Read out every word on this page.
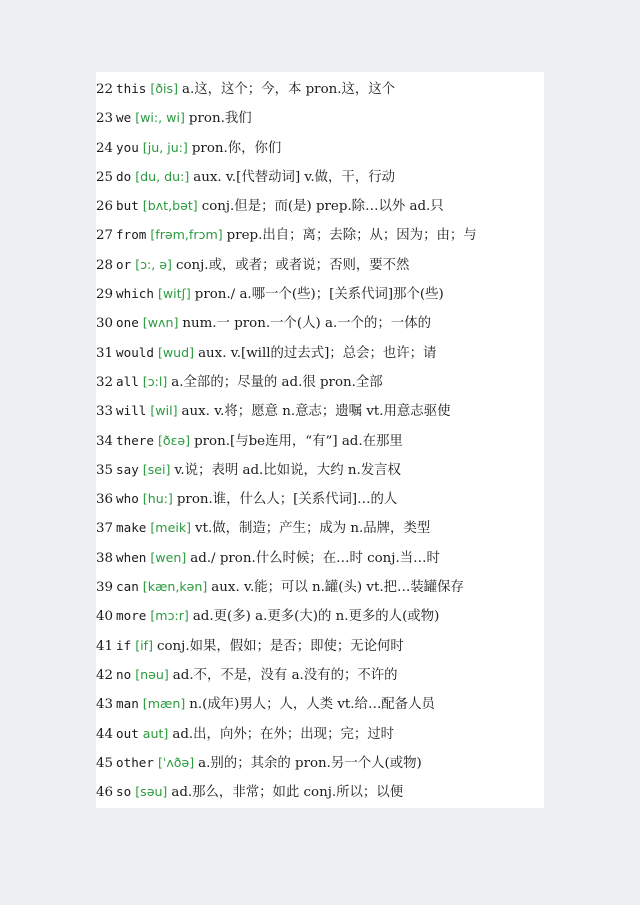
22 this [ðis] a.这，这个；今，本 pron.这，这个
23 we [wi:, wi] pron.我们
24 you [ju, ju:] pron.你，你们
25 do [du, du:] aux. v.[代替动词] v.做，干，行动
26 but [bʌt,bət] conj.但是；而(是) prep.除…以外 ad.只
27 from [frəm,frɔm] prep.出自；离；去除；从；因为；由；与
28 or [ɔ:, ə] conj.或，或者；或者说；否则，要不然
29 which [witʃ] pron./ a.哪一个(些)；[关系代词]那个(些)
30 one [wʌn] num.一 pron.一个(人) a.一个的；一体的
31 would [wud] aux. v.[will的过去式]；总会；也许；请
32 all [ɔ:l] a.全部的；尽量的 ad.很 pron.全部
33 will [wil] aux. v.将；愿意 n.意志；遗嘱 vt.用意志驱使
34 there [ðɛə] pron.[与be连用，“有”] ad.在那里
35 say [sei] v.说；表明 ad.比如说，大约 n.发言权
36 who [hu:] pron.谁，什么人；[关系代词]…的人
37 make [meik] vt.做，制造；产生；成为 n.品牌，类型
38 when [wen] ad./ pron.什么时候；在…时 conj.当…时
39 can [kæn,kən] aux. v.能；可以 n.罐(头) vt.把…装罐保存
40 more [mɔ:r] ad.更(多) a.更多(大)的 n.更多的人(或物)
41 if [if] conj.如果，假如；是否；即使；无论何时
42 no [nəu] ad.不，不是，没有 a.没有的；不许的
43 man [mæn] n.(成年)男人；人，人类 vt.给…配备人员
44 out aut] ad.出，向外；在外；出现；完；过时
45 other [ˈʌðə] a.别的；其余的 pron.另一个人(或物)
46 so [səu] ad.那么，非常；如此 conj.所以；以便
